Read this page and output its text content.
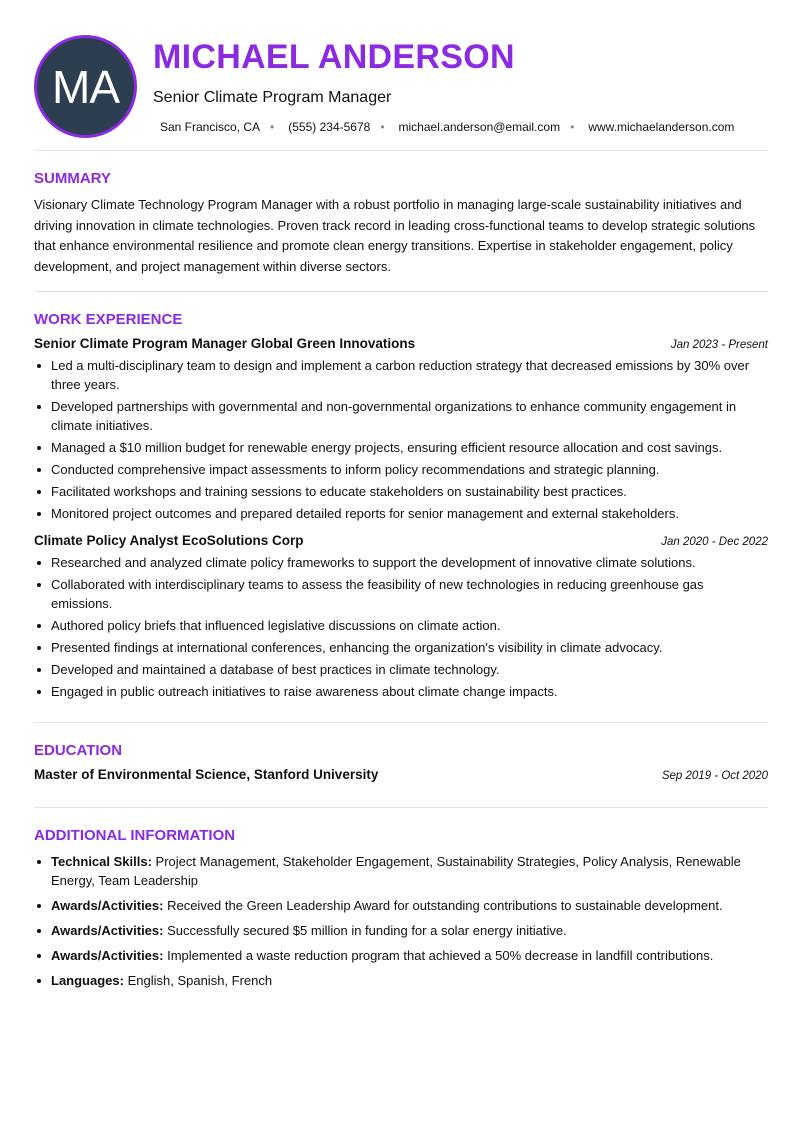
MA
MICHAEL ANDERSON
Senior Climate Program Manager
San Francisco, CA • (555) 234-5678 • michael.anderson@email.com • www.michaelanderson.com
SUMMARY

Visionary Climate Technology Program Manager with a robust portfolio in managing large-scale sustainability initiatives and driving innovation in climate technologies. Proven track record in leading cross-functional teams to develop strategic solutions that enhance environmental resilience and promote clean energy transitions. Expertise in stakeholder engagement, policy development, and project management within diverse sectors.

WORK EXPERIENCE
Senior Climate Program Manager Global Green Innovations	Jan 2023 - Present
Led a multi-disciplinary team to design and implement a carbon reduction strategy that decreased emissions by 30% over three years.
Developed partnerships with governmental and non-governmental organizations to enhance community engagement in climate initiatives.
Managed a $10 million budget for renewable energy projects, ensuring efficient resource allocation and cost savings.
Conducted comprehensive impact assessments to inform policy recommendations and strategic planning.
Facilitated workshops and training sessions to educate stakeholders on sustainability best practices.
Monitored project outcomes and prepared detailed reports for senior management and external stakeholders.
Climate Policy Analyst EcoSolutions Corp	Jan 2020 - Dec 2022
Researched and analyzed climate policy frameworks to support the development of innovative climate solutions.
Collaborated with interdisciplinary teams to assess the feasibility of new technologies in reducing greenhouse gas emissions.
Authored policy briefs that influenced legislative discussions on climate action.
Presented findings at international conferences, enhancing the organization's visibility in climate advocacy.
Developed and maintained a database of best practices in climate technology.
Engaged in public outreach initiatives to raise awareness about climate change impacts.
EDUCATION
Master of Environmental Science, Stanford University	Sep 2019 - Oct 2020
ADDITIONAL INFORMATION
Technical Skills: Project Management, Stakeholder Engagement, Sustainability Strategies, Policy Analysis, Renewable Energy, Team Leadership
Awards/Activities: Received the Green Leadership Award for outstanding contributions to sustainable development.
Awards/Activities: Successfully secured $5 million in funding for a solar energy initiative.
Awards/Activities: Implemented a waste reduction program that achieved a 50% decrease in landfill contributions.
Languages: English, Spanish, French
